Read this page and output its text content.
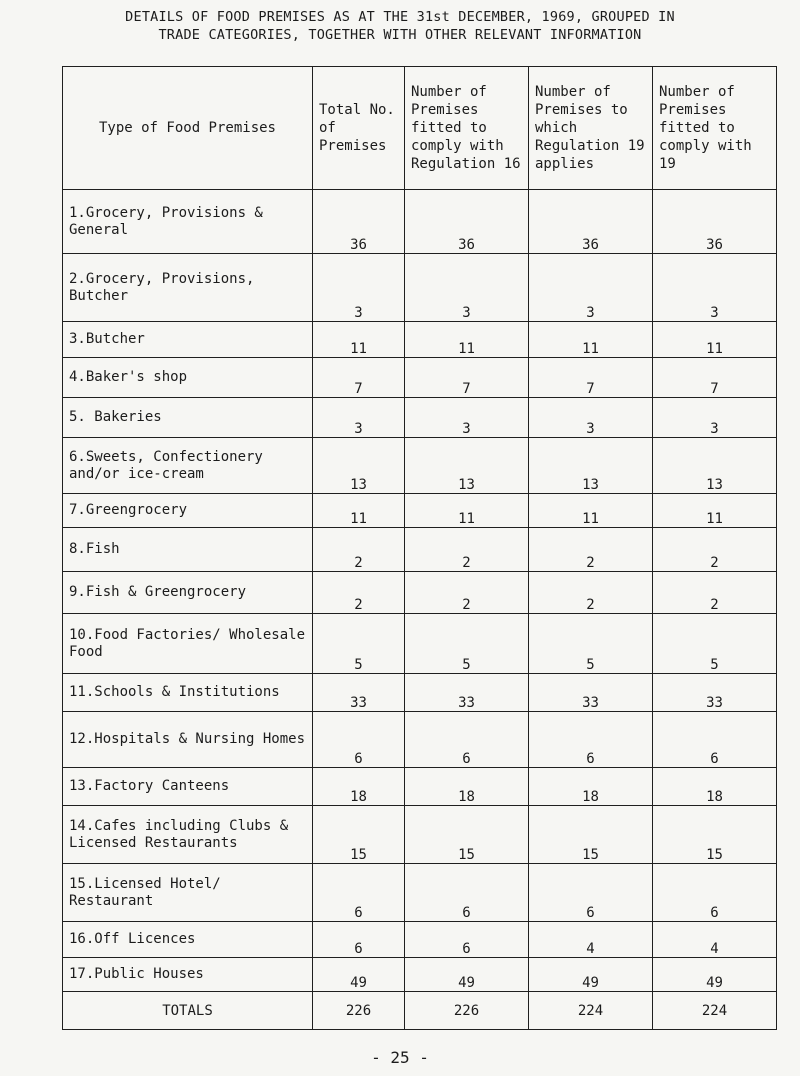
DETAILS OF FOOD PREMISES AS AT THE 31st DECEMBER, 1969, GROUPED IN
TRADE CATEGORIES, TOGETHER WITH OTHER RELEVANT INFORMATION
Type of Food Premises	Total No. of Premises	Number of Premises fitted to comply with Regulation 16	Number of Premises to which Regulation 19 applies	Number of Premises fitted to comply with 19
1.Grocery, Provisions & General	36	36	36	36
2.Grocery, Provisions, Butcher	3	3	3	3
3.Butcher	11	11	11	11
4.Baker's shop	7	7	7	7
5. Bakeries	3	3	3	3
6.Sweets, Confectionery and/or ice-cream	13	13	13	13
7.Greengrocery	11	11	11	11
8.Fish	2	2	2	2
9.Fish & Greengrocery	2	2	2	2
10.Food Factories/ Wholesale Food	5	5	5	5
11.Schools & Institutions	33	33	33	33
12.Hospitals & Nursing Homes	6	6	6	6
13.Factory Canteens	18	18	18	18
14.Cafes including Clubs & Licensed Restaurants	15	15	15	15
15.Licensed Hotel/ Restaurant	6	6	6	6
16.Off Licences	6	6	4	4
17.Public Houses	49	49	49	49
TOTALS	226	226	224	224
- 25 -
